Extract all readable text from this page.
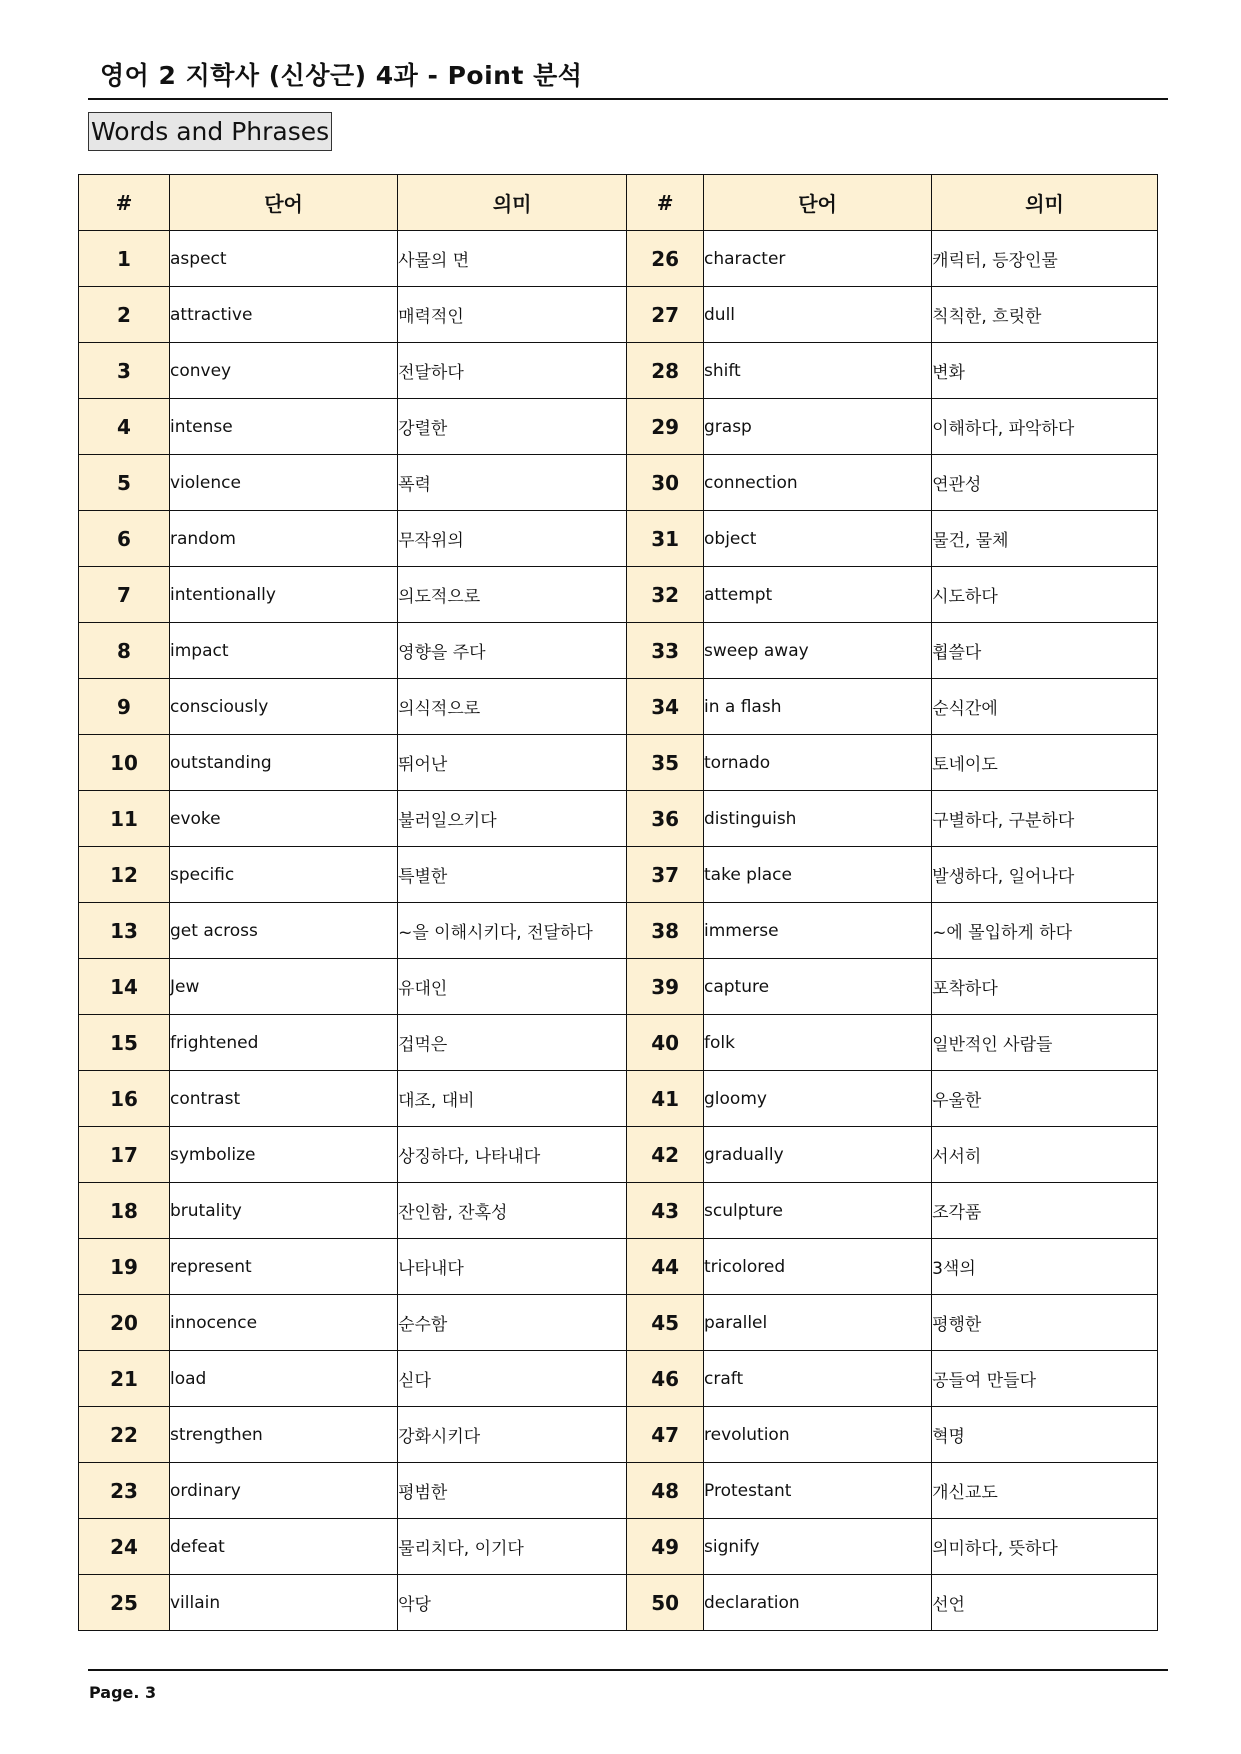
영어 2 지학사 (신상근) 4과 - Point 분석
Words and Phrases
#	단어	의미	#	단어	의미
1	aspect	사물의 면	26	character	캐릭터, 등장인물
2	attractive	매력적인	27	dull	칙칙한, 흐릿한
3	convey	전달하다	28	shift	변화
4	intense	강렬한	29	grasp	이해하다, 파악하다
5	violence	폭력	30	connection	연관성
6	random	무작위의	31	object	물건, 물체
7	intentionally	의도적으로	32	attempt	시도하다
8	impact	영향을 주다	33	sweep away	휩쓸다
9	consciously	의식적으로	34	in a flash	순식간에
10	outstanding	뛰어난	35	tornado	토네이도
11	evoke	불러일으키다	36	distinguish	구별하다, 구분하다
12	specific	특별한	37	take place	발생하다, 일어나다
13	get across	~을 이해시키다, 전달하다	38	immerse	~에 몰입하게 하다
14	Jew	유대인	39	capture	포착하다
15	frightened	겁먹은	40	folk	일반적인 사람들
16	contrast	대조, 대비	41	gloomy	우울한
17	symbolize	상징하다, 나타내다	42	gradually	서서히
18	brutality	잔인함, 잔혹성	43	sculpture	조각품
19	represent	나타내다	44	tricolored	3색의
20	innocence	순수함	45	parallel	평행한
21	load	싣다	46	craft	공들여 만들다
22	strengthen	강화시키다	47	revolution	혁명
23	ordinary	평범한	48	Protestant	개신교도
24	defeat	물리치다, 이기다	49	signify	의미하다, 뜻하다
25	villain	악당	50	declaration	선언
Page. 3
